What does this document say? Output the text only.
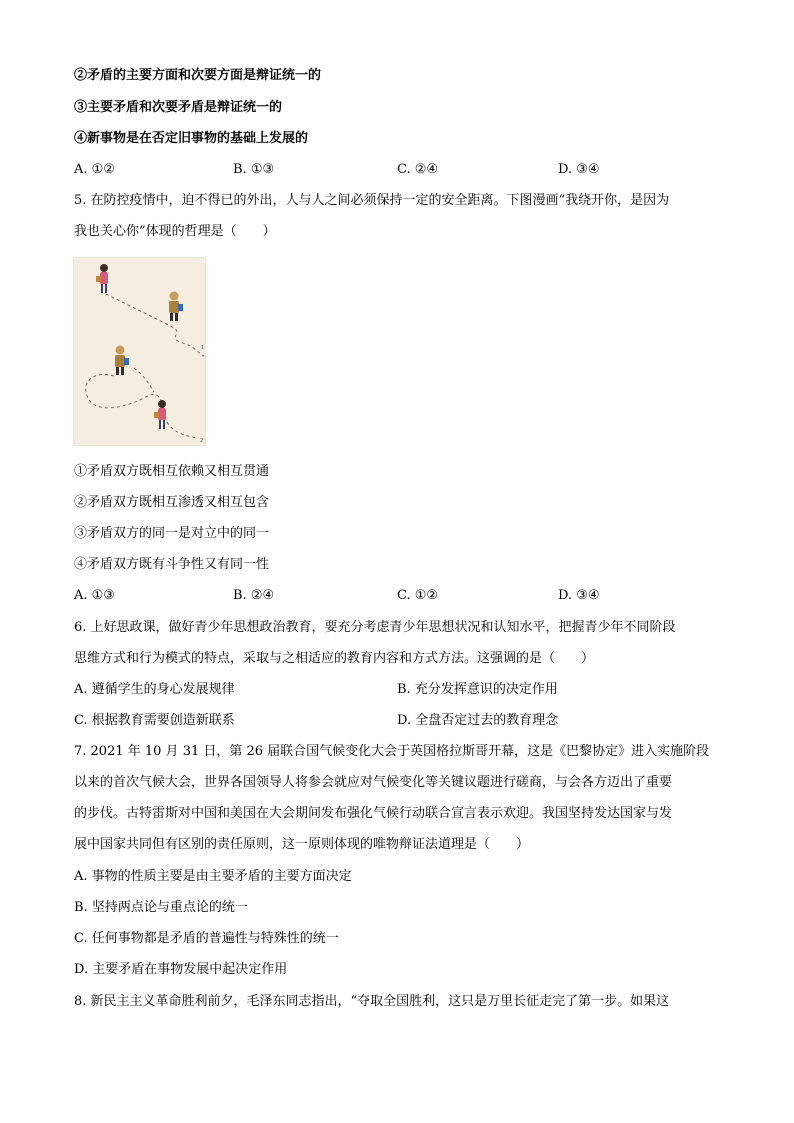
②矛盾的主要方面和次要方面是辩证统一的
③主要矛盾和次要矛盾是辩证统一的
④新事物是在否定旧事物的基础上发展的
A. ①②	B. ①③	C. ②④	D. ③④
5. 在防控疫情中，迫不得已的外出，人与人之间必须保持一定的安全距离。下图漫画“我绕开你，是因为
我也关心你”体现的哲理是（　　）
1
2
①矛盾双方既相互依赖又相互贯通
②矛盾双方既相互渗透又相互包含
③矛盾双方的同一是对立中的同一
④矛盾双方既有斗争性又有同一性
A. ①③	B. ②④	C. ①②	D. ③④
6. 上好思政课，做好青少年思想政治教育，要充分考虑青少年思想状况和认知水平，把握青少年不同阶段
思维方式和行为模式的特点，采取与之相适应的教育内容和方式方法。这强调的是（　　）
A. 遵循学生的身心发展规律	B. 充分发挥意识的决定作用
C. 根据教育需要创造新联系	D. 全盘否定过去的教育理念
7. 2021 年 10 月 31 日，第 26 届联合国气候变化大会于英国格拉斯哥开幕，这是《巴黎协定》进入实施阶段
以来的首次气候大会，世界各国领导人将参会就应对气候变化等关键议题进行磋商，与会各方迈出了重要
的步伐。古特雷斯对中国和美国在大会期间发布强化气候行动联合宣言表示欢迎。我国坚持发达国家与发
展中国家共同但有区别的责任原则，这一原则体现的唯物辩证法道理是（　　）
A. 事物的性质主要是由主要矛盾的主要方面决定
B. 坚持两点论与重点论的统一
C. 任何事物都是矛盾的普遍性与特殊性的统一
D. 主要矛盾在事物发展中起决定作用
8. 新民主主义革命胜利前夕，毛泽东同志指出，“夺取全国胜利，这只是万里长征走完了第一步。如果这
